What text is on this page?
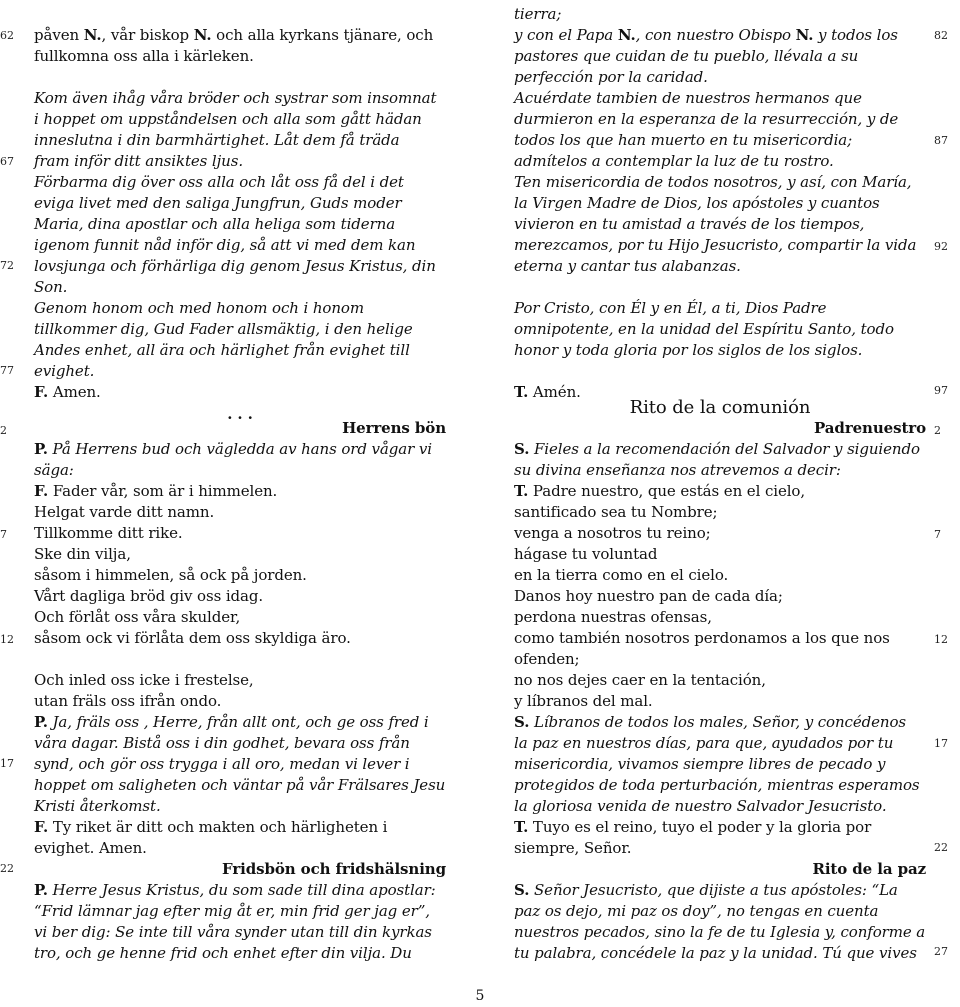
påven N., vår biskop N. och alla kyrkans tjänare, och
fullkomna oss alla i kärleken.
Kom även ihåg våra bröder och systrar som insomnat
i hoppet om uppståndelsen och alla som gått hädan
inneslutna i din barmhärtighet. Låt dem få träda
fram inför ditt ansiktes ljus.
Förbarma dig över oss alla och låt oss få del i det
eviga livet med den saliga Jungfrun, Guds moder
Maria, dina apostlar och alla heliga som tiderna
igenom funnit nåd inför dig, så att vi med dem kan
lovsjunga och förhärliga dig genom Jesus Kristus, din
Son.
Genom honom och med honom och i honom
tillkommer dig, Gud Fader allsmäktig, i den helige
Andes enhet, all ära och härlighet från evighet till
evighet.
F. Amen.
. . .
Herrens bön
P. På Herrens bud och vägledda av hans ord vågar vi
säga:
F. Fader vår, som är i himmelen.
Helgat varde ditt namn.
Tillkomme ditt rike.
Ske din vilja,
såsom i himmelen, så ock på jorden.
Vårt dagliga bröd giv oss idag.
Och förlåt oss våra skulder,
såsom ock vi förlåta dem oss skyldiga äro.
Och inled oss icke i frestelse,
utan fräls oss ifrån ondo.
P. Ja, fräls oss , Herre, från allt ont, och ge oss fred i
våra dagar. Bistå oss i din godhet, bevara oss från
synd, och gör oss trygga i all oro, medan vi lever i
hoppet om saligheten och väntar på vår Frälsares Jesu
Kristi återkomst.
F. Ty riket är ditt och makten och härligheten i
evighet. Amen.
Fridsbön och fridshälsning
P. Herre Jesus Kristus, du som sade till dina apostlar:
“Frid lämnar jag efter mig åt er, min frid ger jag er”,
vi ber dig: Se inte till våra synder utan till din kyrkas
tro, och ge henne frid och enhet efter din vilja. Du
tierra;
y con el Papa N., con nuestro Obispo N. y todos los
pastores que cuidan de tu pueblo, llévala a su
perfección por la caridad.
Acuérdate tambien de nuestros hermanos que
durmieron en la esperanza de la resurrección, y de
todos los que han muerto en tu misericordia;
admítelos a contemplar la luz de tu rostro.
Ten misericordia de todos nosotros, y así, con María,
la Virgen Madre de Dios, los apóstoles y cuantos
vivieron en tu amistad a través de los tiempos,
merezcamos, por tu Hijo Jesucristo, compartir la vida
eterna y cantar tus alabanzas.
Por Cristo, con Él y en Él, a ti, Dios Padre
omnipotente, en la unidad del Espíritu Santo, todo
honor y toda gloria por los siglos de los siglos.
T. Amén.
Rito de la comunión
Padrenuestro
S. Fieles a la recomendación del Salvador y siguiendo
su divina enseñanza nos atrevemos a decir:
T. Padre nuestro, que estás en el cielo,
santificado sea tu Nombre;
venga a nosotros tu reino;
hágase tu voluntad
en la tierra como en el cielo.
Danos hoy nuestro pan de cada día;
perdona nuestras ofensas,
como también nosotros perdonamos a los que nos
ofenden;
no nos dejes caer en la tentación,
y líbranos del mal.
S. Líbranos de todos los males, Señor, y concédenos
la paz en nuestros días, para que, ayudados por tu
misericordia, vivamos siempre libres de pecado y
protegidos de toda perturbación, mientras esperamos
la gloriosa venida de nuestro Salvador Jesucristo.
T. Tuyo es el reino, tuyo el poder y la gloria por
siempre, Señor.
Rito de la paz
S. Señor Jesucristo, que dijiste a tus apóstoles: “La
paz os dejo, mi paz os doy”, no tengas en cuenta
nuestros pecados, sino la fe de tu Iglesia y, conforme a
tu palabra, concédele la paz y la unidad. Tú que vives
62
67
72
77
2
7
12
17
22
82
87
92
97
2
7
12
17
22
27
5
